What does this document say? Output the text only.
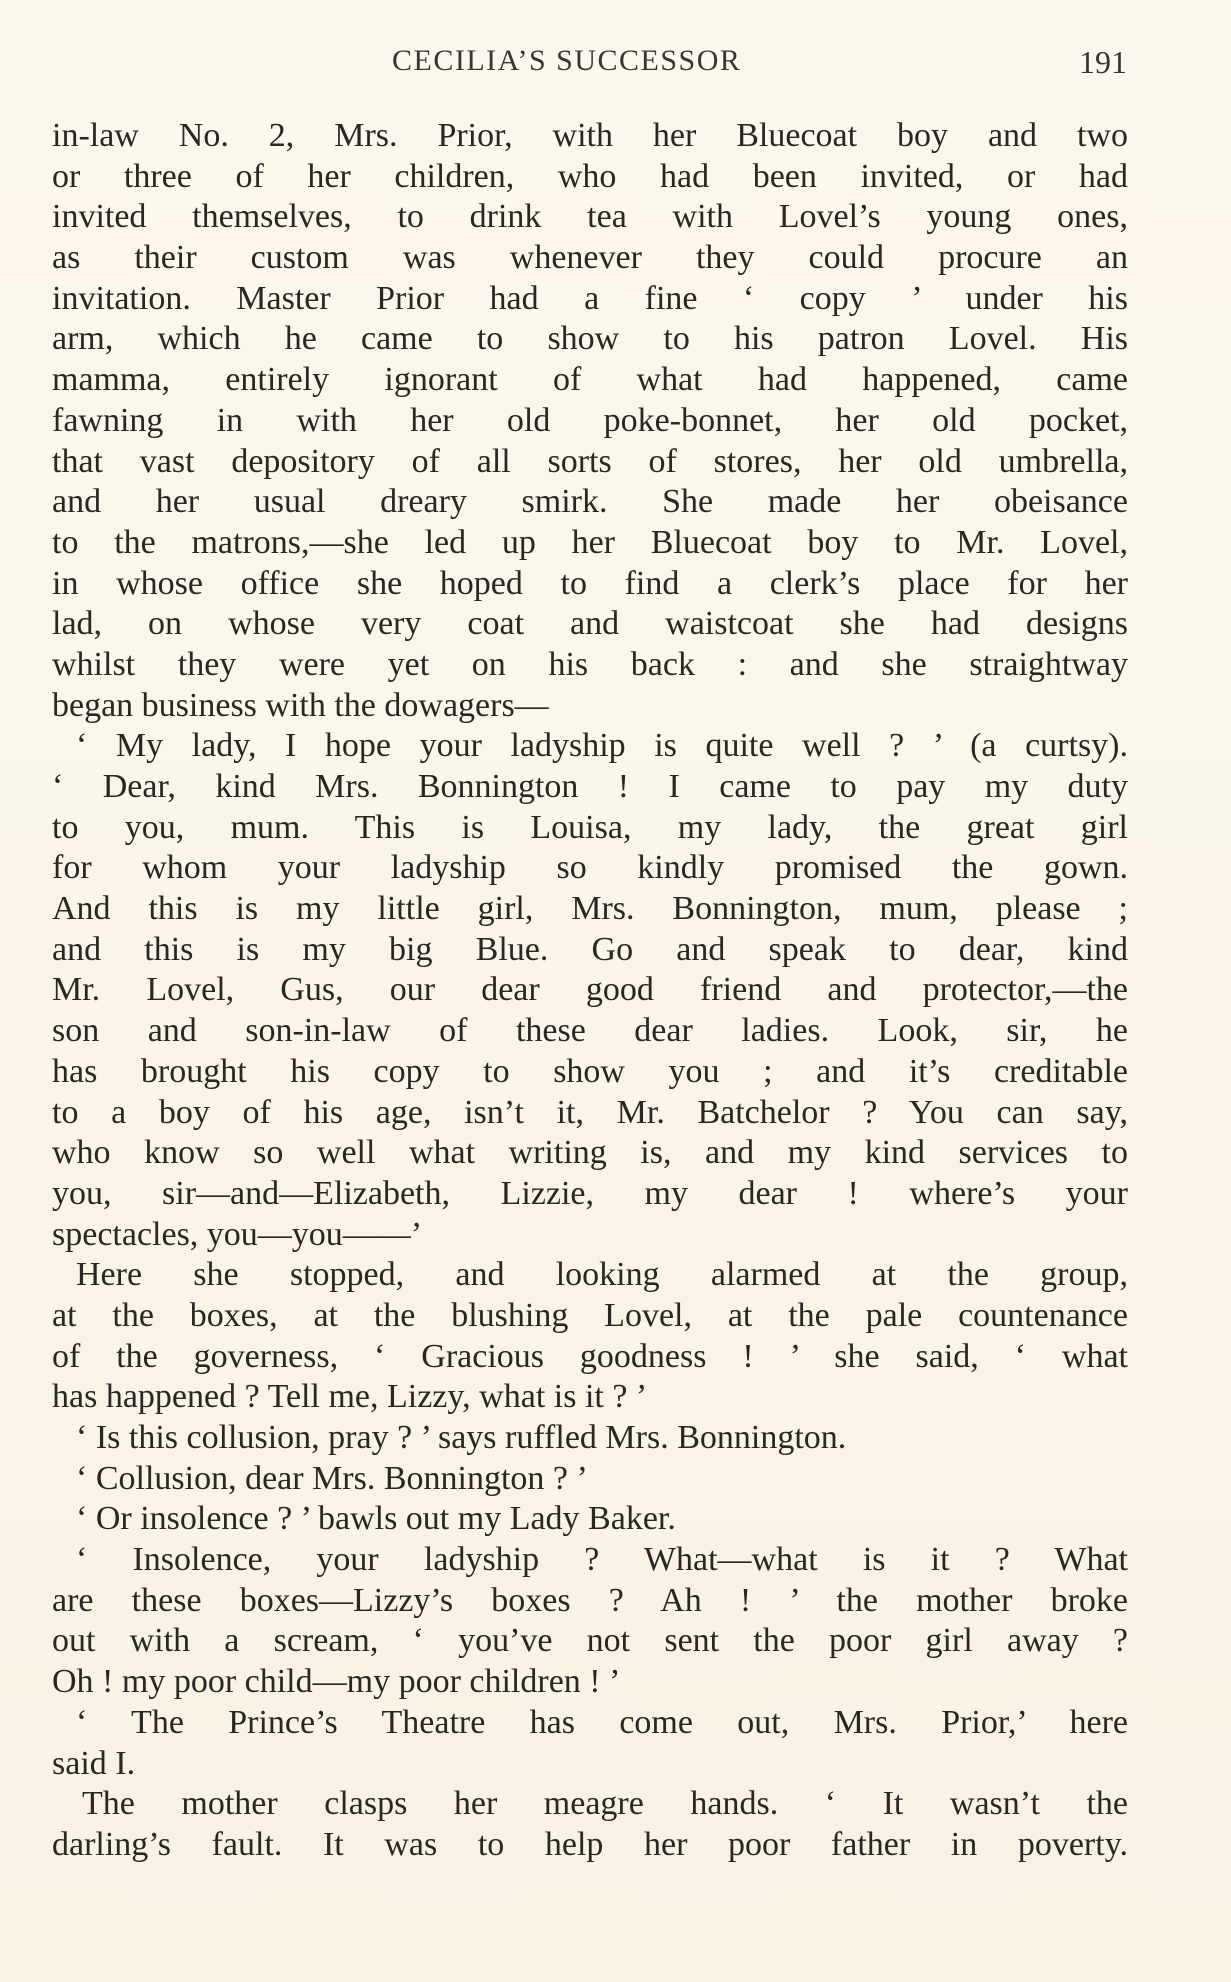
CECILIA’S SUCCESSOR	191
in-law No. 2, Mrs. Prior, with her Bluecoat boy and two
or three of her children, who had been invited, or had
invited themselves, to drink tea with Lovel’s young ones,
as their custom was whenever they could procure an
invitation. Master Prior had a fine ‘ copy ’ under his
arm, which he came to show to his patron Lovel. His
mamma, entirely ignorant of what had happened, came
fawning in with her old poke-bonnet, her old pocket,
that vast depository of all sorts of stores, her old umbrella,
and her usual dreary smirk. She made her obeisance
to the matrons,—she led up her Bluecoat boy to Mr. Lovel,
in whose office she hoped to find a clerk’s place for her
lad, on whose very coat and waistcoat she had designs
whilst they were yet on his back : and she straightway
began business with the dowagers—
‘ My lady, I hope your ladyship is quite well ? ’ (a curtsy).
‘ Dear, kind Mrs. Bonnington ! I came to pay my duty
to you, mum. This is Louisa, my lady, the great girl
for whom your ladyship so kindly promised the gown.
And this is my little girl, Mrs. Bonnington, mum, please ;
and this is my big Blue. Go and speak to dear, kind
Mr. Lovel, Gus, our dear good friend and protector,—the
son and son-in-law of these dear ladies. Look, sir, he
has brought his copy to show you ; and it’s creditable
to a boy of his age, isn’t it, Mr. Batchelor ? You can say,
who know so well what writing is, and my kind services to
you, sir—and—Elizabeth, Lizzie, my dear ! where’s your
spectacles, you—you——’
Here she stopped, and looking alarmed at the group,
at the boxes, at the blushing Lovel, at the pale countenance
of the governess, ‘ Gracious goodness ! ’ she said, ‘ what
has happened ? Tell me, Lizzy, what is it ? ’
‘ Is this collusion, pray ? ’ says ruffled Mrs. Bonnington.
‘ Collusion, dear Mrs. Bonnington ? ’
‘ Or insolence ? ’ bawls out my Lady Baker.
‘ Insolence, your ladyship ? What—what is it ? What
are these boxes—Lizzy’s boxes ? Ah ! ’ the mother broke
out with a scream, ‘ you’ve not sent the poor girl away ?
Oh ! my poor child—my poor children ! ’
‘ The Prince’s Theatre has come out, Mrs. Prior,’ here
said I.
The mother clasps her meagre hands. ‘ It wasn’t the
darling’s fault. It was to help her poor father in poverty.
